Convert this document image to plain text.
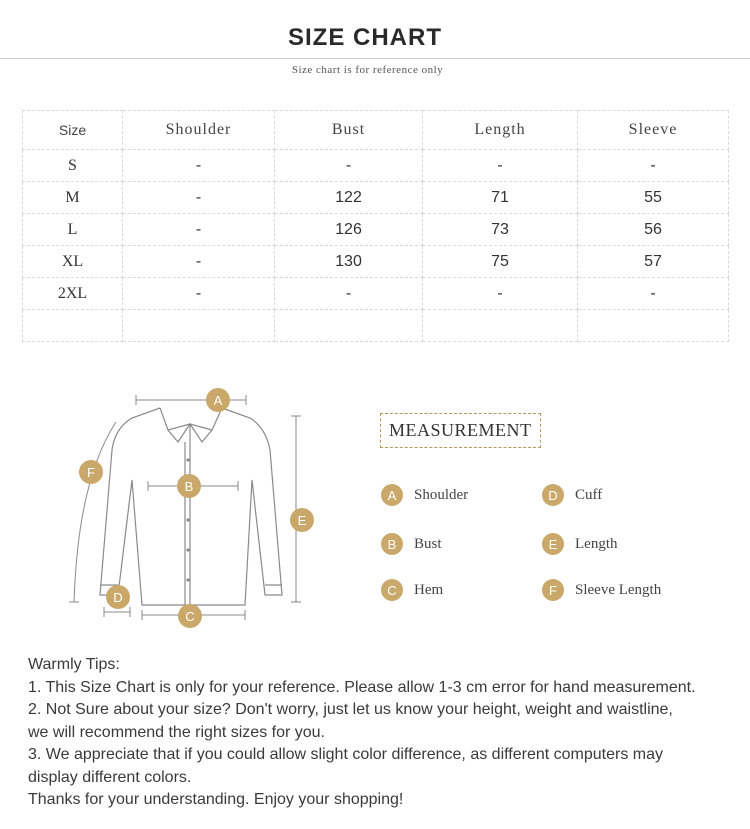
SIZE CHART
Size chart is for reference only
Size	Shoulder	Bust	Length	Sleeve
S	-	-	-	-
M	-	122	71	55
L	-	126	73	56
XL	-	130	75	57
2XL	-	-	-	-

A
B
C
D
E
F
MEASUREMENT
A	Shoulder
B	Bust
C	Hem
D	Cuff
E	Length
F	Sleeve Length
Warmly Tips:
1. This Size Chart is only for your reference. Please allow 1-3 cm error for hand measurement.
2. Not Sure about your size? Don't worry, just let us know your height, weight and waistline,
we will recommend the right sizes for you.
3. We appreciate that if you could allow slight color difference, as different computers may
display different colors.
Thanks for your understanding. Enjoy your shopping!
